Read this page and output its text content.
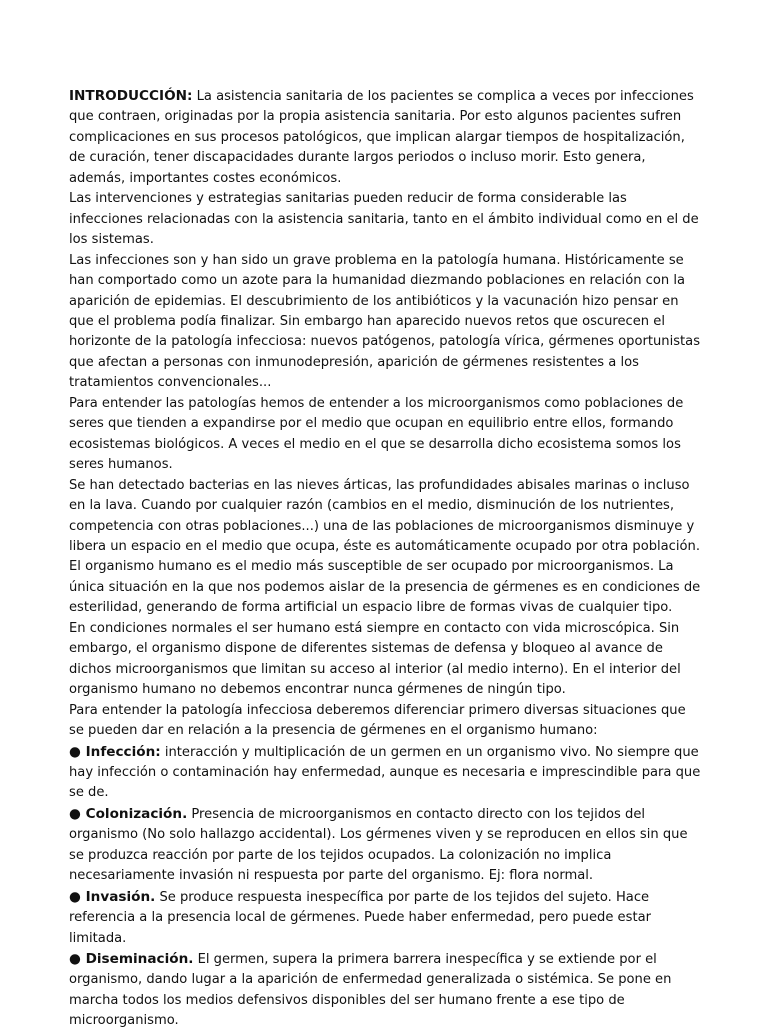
INTRODUCCIÓN: La asistencia sanitaria de los pacientes se complica a veces por infecciones que contraen, originadas por la propia asistencia sanitaria. Por esto algunos pacientes sufren complicaciones en sus procesos patológicos, que implican alargar tiempos de hospitalización, de curación, tener discapacidades durante largos periodos o incluso morir. Esto genera, además, importantes costes económicos.

Las intervenciones y estrategias sanitarias pueden reducir de forma considerable las infecciones relacionadas con la asistencia sanitaria, tanto en el ámbito individual como en el de los sistemas.

Las infecciones son y han sido un grave problema en la patología humana. Históricamente se han comportado como un azote para la humanidad diezmando poblaciones en relación con la aparición de epidemias. El descubrimiento de los antibióticos y la vacunación hizo pensar en que el problema podía finalizar. Sin embargo han aparecido nuevos retos que oscurecen el horizonte de la patología infecciosa: nuevos patógenos, patología vírica, gérmenes oportunistas que afectan a personas con inmunodepresión, aparición de gérmenes resistentes a los tratamientos convencionales...

Para entender las patologías hemos de entender a los microorganismos como poblaciones de seres que tienden a expandirse por el medio que ocupan en equilibrio entre ellos, formando ecosistemas biológicos. A veces el medio en el que se desarrolla dicho ecosistema somos los seres humanos.

Se han detectado bacterias en las nieves árticas, las profundidades abisales marinas o incluso en la lava. Cuando por cualquier razón (cambios en el medio, disminución de los nutrientes, competencia con otras poblaciones...) una de las poblaciones de microorganismos disminuye y libera un espacio en el medio que ocupa, éste es automáticamente ocupado por otra población.

El organismo humano es el medio más susceptible de ser ocupado por microorganismos. La única situación en la que nos podemos aislar de la presencia de gérmenes es en condiciones de esterilidad, generando de forma artificial un espacio libre de formas vivas de cualquier tipo.

En condiciones normales el ser humano está siempre en contacto con vida microscópica. Sin embargo, el organismo dispone de diferentes sistemas de defensa y bloqueo al avance de dichos microorganismos que limitan su acceso al interior (al medio interno). En el interior del organismo humano no debemos encontrar nunca gérmenes de ningún tipo.

Para entender la patología infecciosa deberemos diferenciar primero diversas situaciones que se pueden dar en relación a la presencia de gérmenes en el organismo humano:

● Infección: interacción y multiplicación de un germen en un organismo vivo. No siempre que hay infección o contaminación hay enfermedad, aunque es necesaria e imprescindible para que se de.

● Colonización. Presencia de microorganismos en contacto directo con los tejidos del organismo (No solo hallazgo accidental). Los gérmenes viven y se reproducen en ellos sin que se produzca reacción por parte de los tejidos ocupados. La colonización no implica necesariamente invasión ni respuesta por parte del organismo. Ej: flora normal.

● Invasión. Se produce respuesta inespecífica por parte de los tejidos del sujeto. Hace referencia a la presencia local de gérmenes. Puede haber enfermedad, pero puede estar limitada.

● Diseminación. El germen, supera la primera barrera inespecífica y se extiende por el organismo, dando lugar a la aparición de enfermedad generalizada o sistémica. Se pone en marcha todos los medios defensivos disponibles del ser humano frente a ese tipo de microorganismo.
